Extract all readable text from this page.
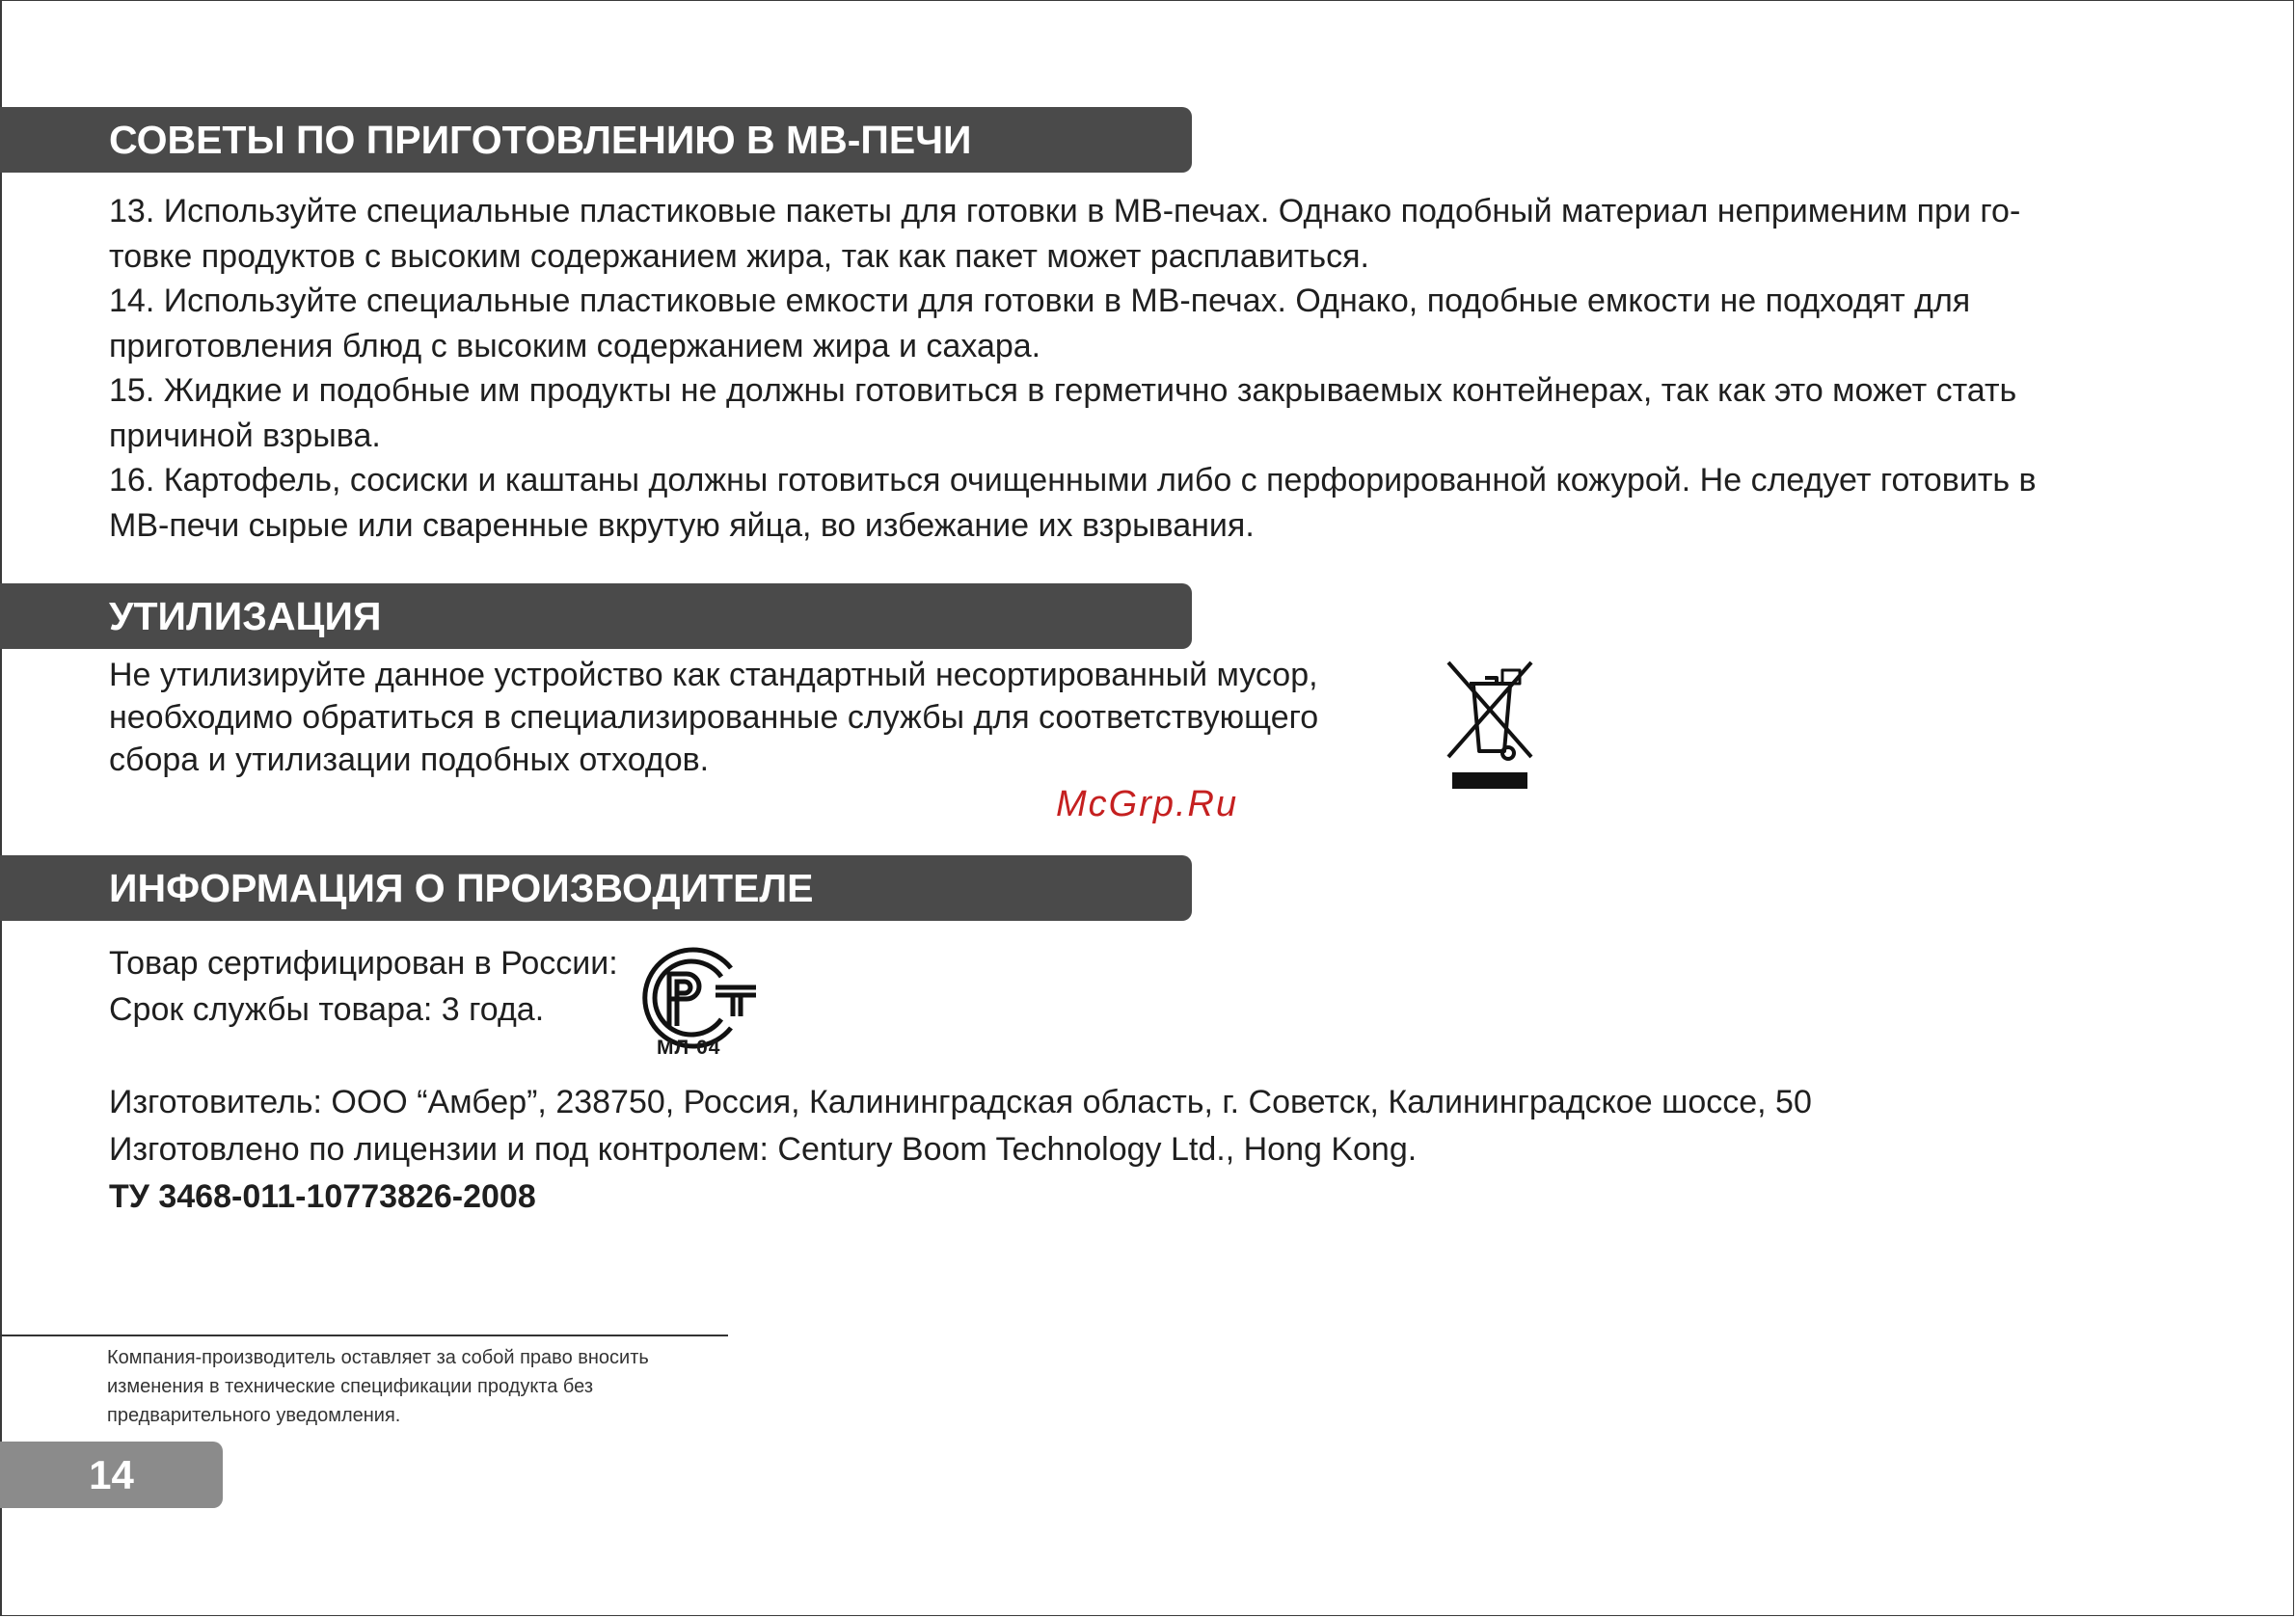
СОВЕТЫ ПО ПРИГОТОВЛЕНИЮ В МВ-ПЕЧИ

13. Используйте специальные пластиковые пакеты для готовки в МВ-печах. Однако подобный материал неприменим при го-

товке продуктов с высоким содержанием жира, так как пакет может расплавиться.

14. Используйте специальные пластиковые емкости для готовки в МВ-печах. Однако, подобные емкости не подходят для

приготовления блюд с высоким содержанием жира и сахара.

15. Жидкие и подобные им продукты не должны готовиться в герметично закрываемых контейнерах, так как это может стать

причиной взрыва.

16. Картофель, сосиски и каштаны должны готовиться очищенными либо с перфорированной кожурой. Не следует готовить в

МВ-печи сырые или сваренные вкрутую яйца, во избежание их взрывания.

УТИЛИЗАЦИЯ

Не утилизируйте данное устройство как стандартный несортированный мусор,

необходимо обратиться в специализированные службы для соответствующего

сбора и утилизации подобных отходов.

McGrp.Ru
ИНФОРМАЦИЯ О ПРОИЗВОДИТЕЛЕ

Товар сертифицирован в России:

Срок службы товара: 3 года.

МЛ 04

Изготовитель: ООО “Амбер”, 238750, Россия, Калининградская область, г. Советск, Калининградское шоссе, 50

Изготовлено по лицензии и под контролем: Century Boom Technology Ltd., Hong Kong.

ТУ 3468-011-10773826-2008

Компания-производитель оставляет за собой право вносить

изменения в технические спецификации продукта без

предварительного уведомления.

14
